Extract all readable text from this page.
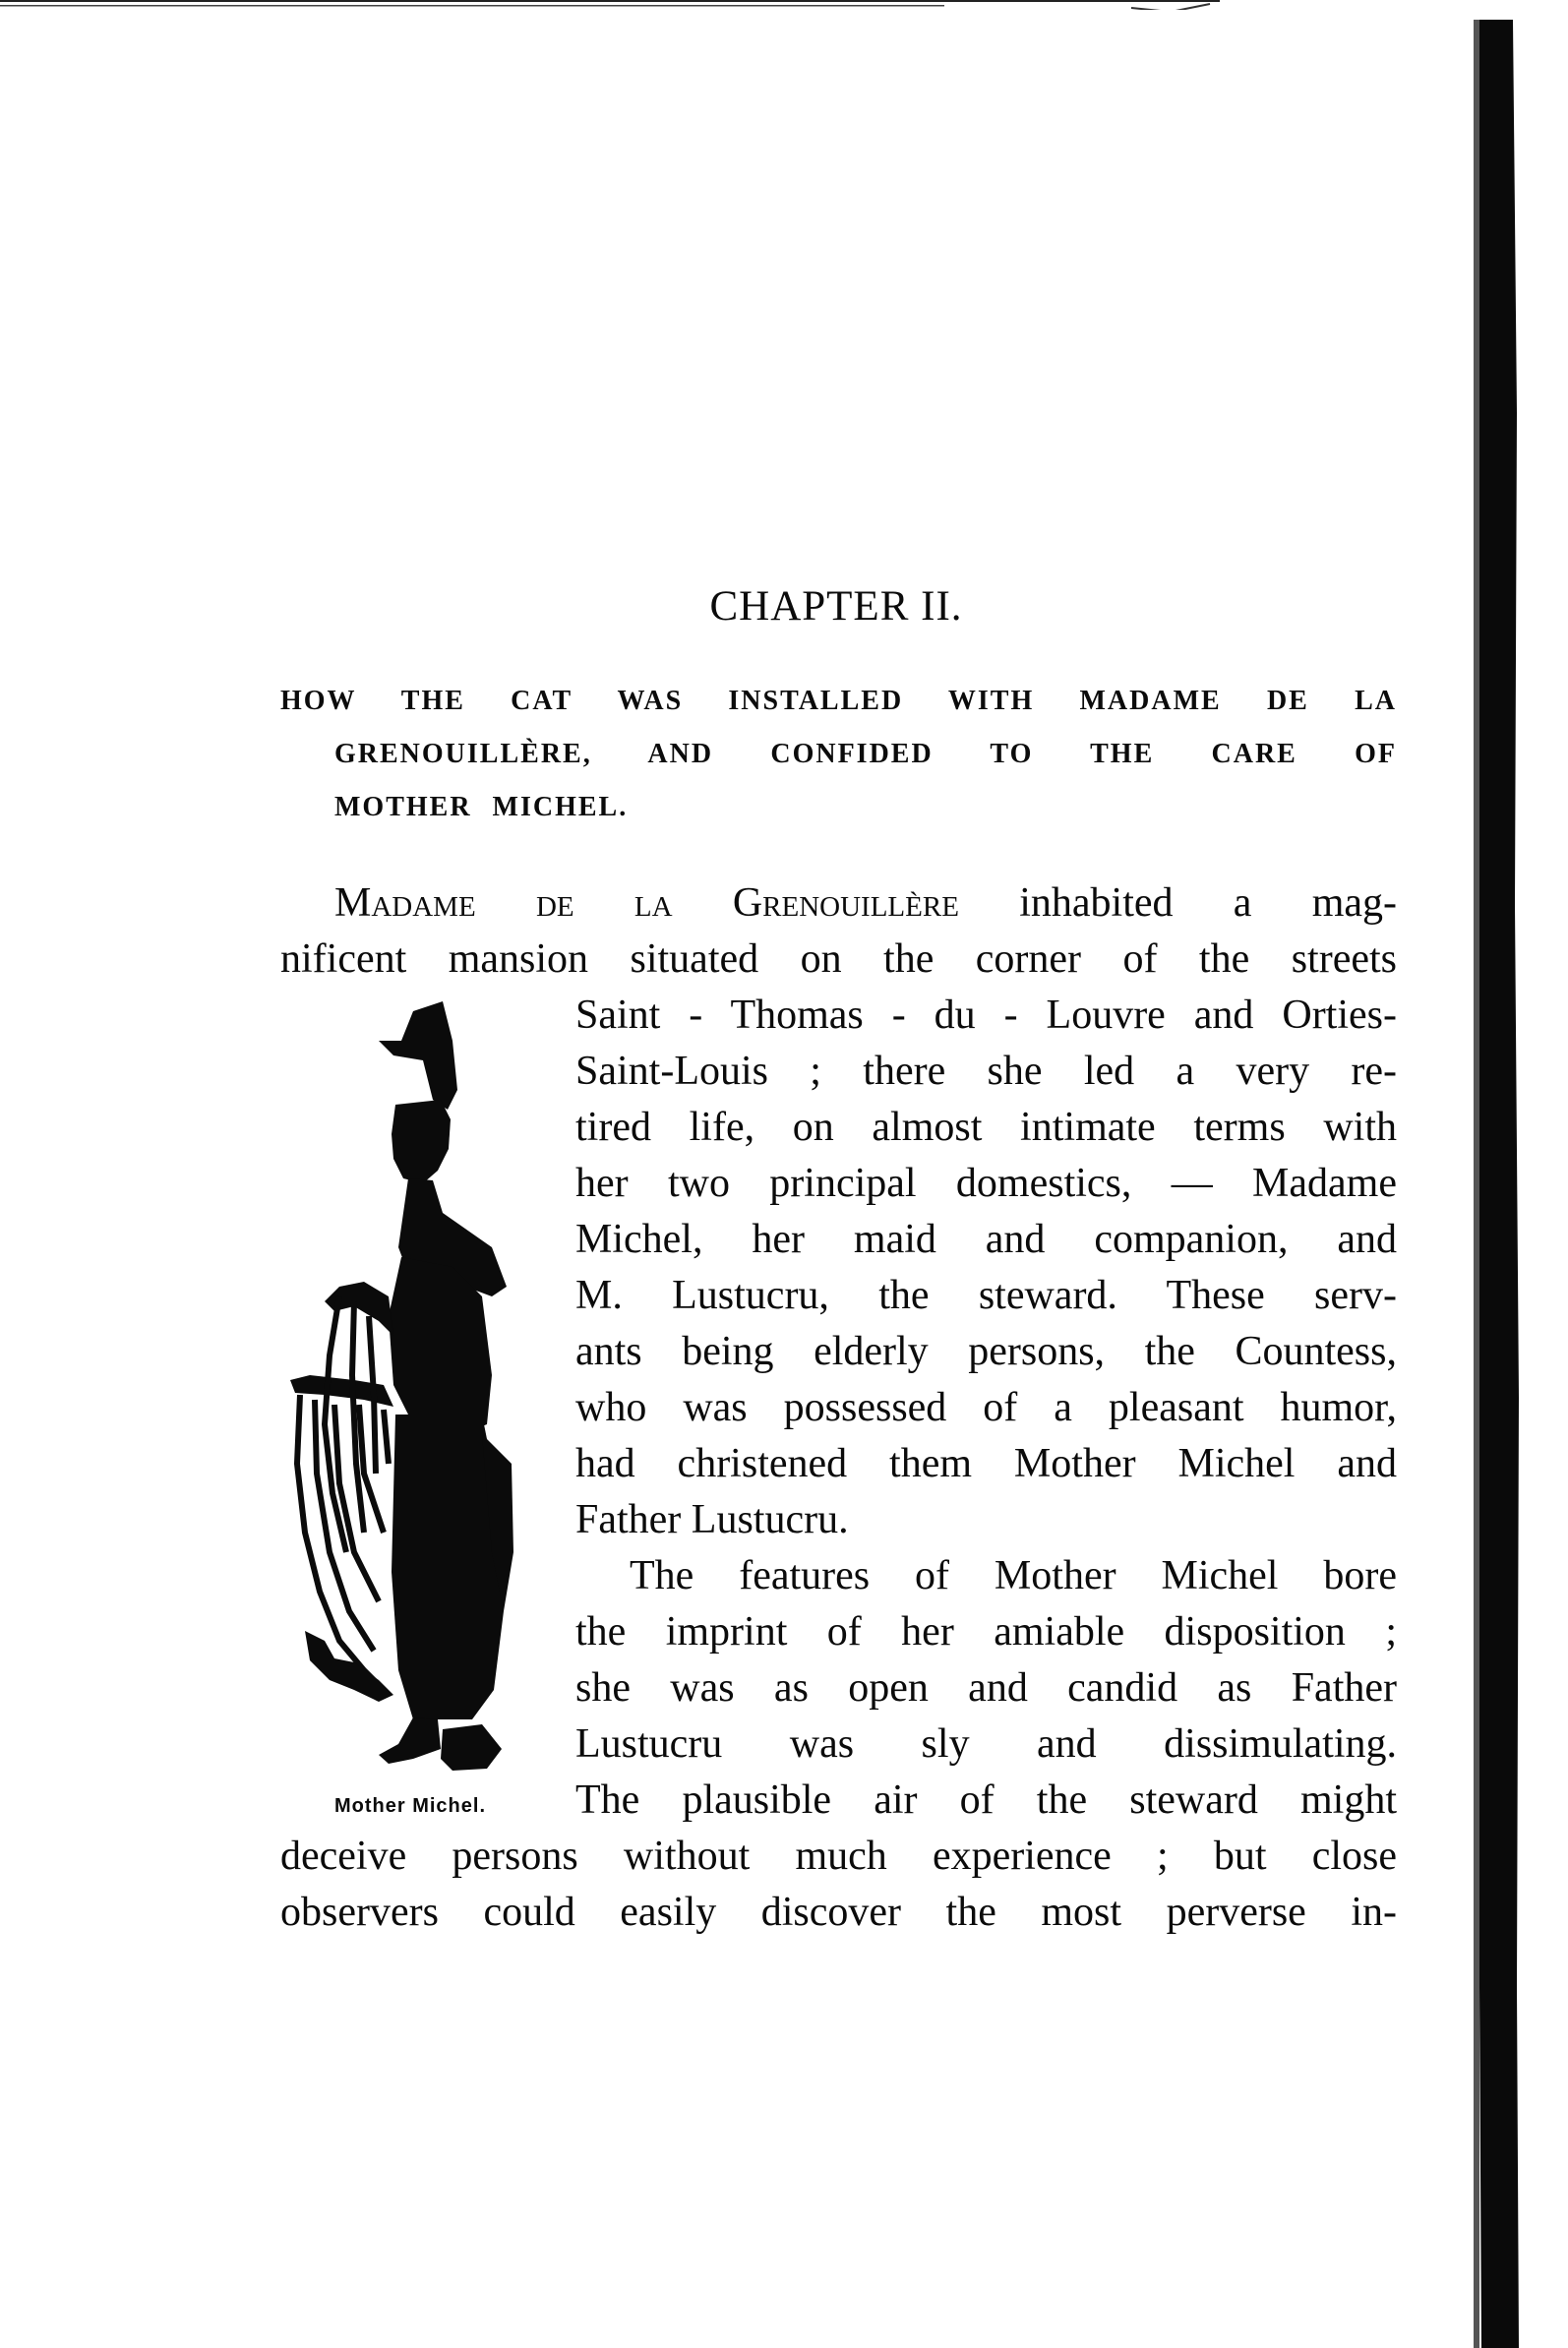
CHAPTER II.

HOW THE CAT WAS INSTALLED WITH MADAME DE LA
GRENOUILLÈRE, AND CONFIDED TO THE CARE OF
MOTHER MICHEL.

Madame de la Grenouillère inhabited a mag-
nificent mansion situated on the corner of the streets
Saint - Thomas - du - Louvre and Orties-
Saint-Louis ; there she led a very re-
tired life, on almost intimate terms with
her two principal domestics, — Madame
Michel, her maid and companion, and
M. Lustucru, the steward. These serv-
ants being elderly persons, the Countess,
who was possessed of a pleasant humor,
had christened them Mother Michel and
Father Lustucru.
The features of Mother Michel bore
the imprint of her amiable disposition ;
she was as open and candid as Father
Lustucru was sly and dissimulating.
The plausible air of the steward might
deceive persons without much experience ; but close
observers could easily discover the most perverse in-
Mother Michel.
